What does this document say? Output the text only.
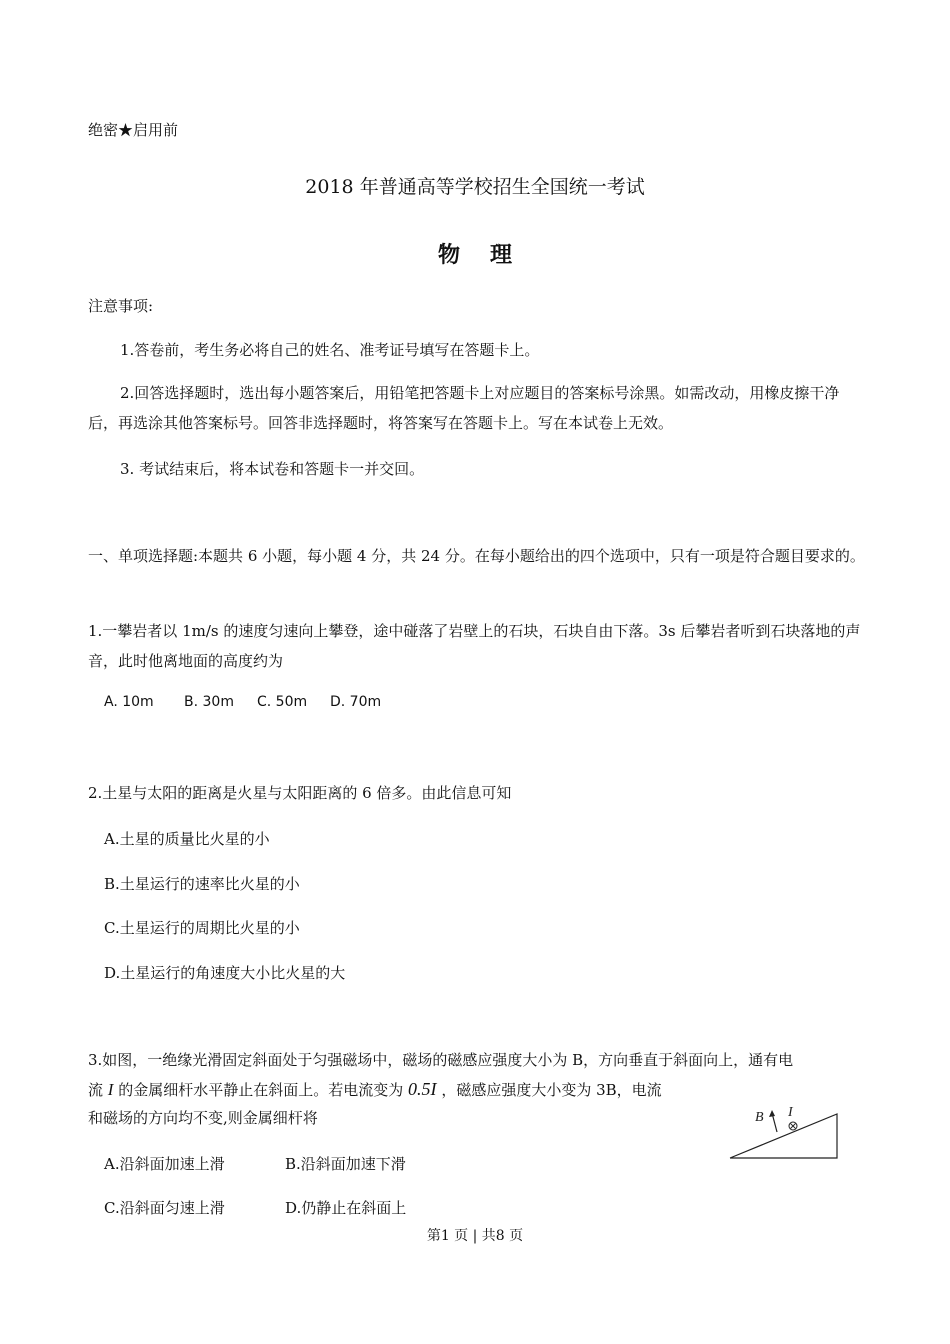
绝密★启用前
2018 年普通高等学校招生全国统一考试
物理
注意事项:
1.答卷前，考生务必将自己的姓名、准考证号填写在答题卡上。
2.回答选择题时，选出每小题答案后，用铅笔把答题卡上对应题目的答案标号涂黑。如需改动，用橡皮擦干净后，再选涂其他答案标号。回答非选择题时，将答案写在答题卡上。写在本试卷上无效。
3. 考试结束后，将本试卷和答题卡一并交回。
一、单项选择题:本题共 6 小题，每小题 4 分，共 24 分。在每小题给出的四个选项中，只有一项是符合题目要求的。
1.一攀岩者以 1m/s 的速度匀速向上攀登，途中碰落了岩壁上的石块，石块自由下落。3s 后攀岩者听到石块落地的声音，此时他离地面的高度约为
A. 10m B. 30m C. 50m D. 70m
2.土星与太阳的距离是火星与太阳距离的 6 倍多。由此信息可知
A.土星的质量比火星的小
B.土星运行的速率比火星的小
C.土星运行的周期比火星的小
D.土星运行的角速度大小比火星的大
3.如图，一绝缘光滑固定斜面处于匀强磁场中，磁场的磁感应强度大小为 B，方向垂直于斜面向上，通有电
流 I 的金属细杆水平静止在斜面上。若电流变为 0.5I ，磁感应强度大小变为 3B，电流
和磁场的方向均不变,则金属细杆将	B I
A.沿斜面加速上滑	B.沿斜面加速下滑
C.沿斜面匀速上滑	D.仍静止在斜面上
第1 页 | 共8 页
